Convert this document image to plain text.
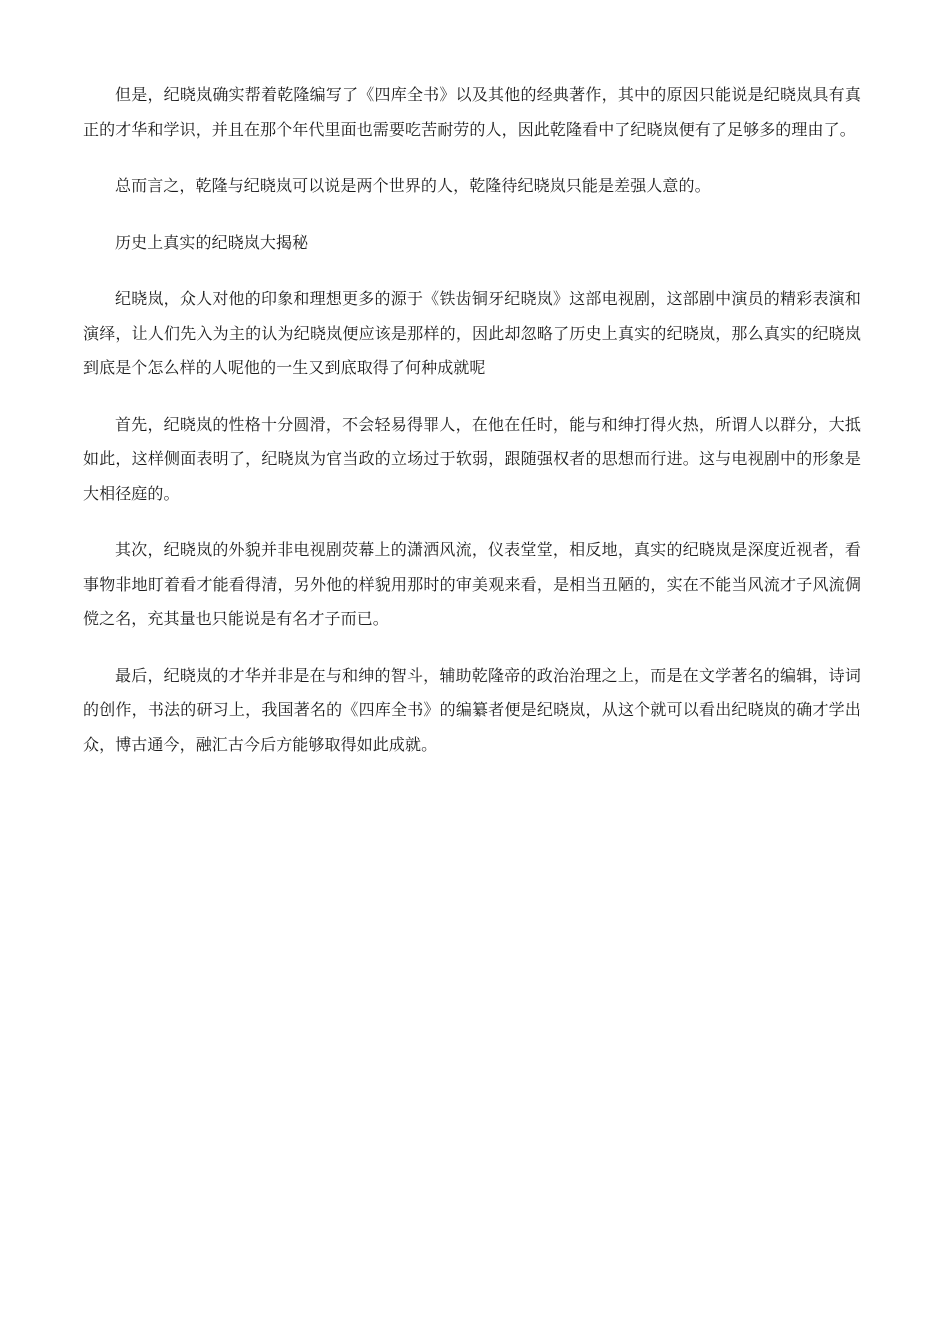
但是，纪晓岚确实帮着乾隆编写了《四库全书》以及其他的经典著作，其中的原因只能说是纪晓岚具有真正的才华和学识，并且在那个年代里面也需要吃苦耐劳的人，因此乾隆看中了纪晓岚便有了足够多的理由了。

总而言之，乾隆与纪晓岚可以说是两个世界的人，乾隆待纪晓岚只能是差强人意的。

历史上真实的纪晓岚大揭秘

纪晓岚，众人对他的印象和理想更多的源于《铁齿铜牙纪晓岚》这部电视剧，这部剧中演员的精彩表演和演绎，让人们先入为主的认为纪晓岚便应该是那样的，因此却忽略了历史上真实的纪晓岚，那么真实的纪晓岚到底是个怎么样的人呢他的一生又到底取得了何种成就呢

首先，纪晓岚的性格十分圆滑，不会轻易得罪人，在他在任时，能与和绅打得火热，所谓人以群分，大抵如此，这样侧面表明了，纪晓岚为官当政的立场过于软弱，跟随强权者的思想而行进。这与电视剧中的形象是大相径庭的。

其次，纪晓岚的外貌并非电视剧荧幕上的潇洒风流，仪表堂堂，相反地，真实的纪晓岚是深度近视者，看事物非地盯着看才能看得清，另外他的样貌用那时的审美观来看，是相当丑陋的，实在不能当风流才子风流倜傥之名，充其量也只能说是有名才子而已。

最后，纪晓岚的才华并非是在与和绅的智斗，辅助乾隆帝的政治治理之上，而是在文学著名的编辑，诗词的创作，书法的研习上，我国著名的《四库全书》的编纂者便是纪晓岚，从这个就可以看出纪晓岚的确才学出众，博古通今，融汇古今后方能够取得如此成就。
